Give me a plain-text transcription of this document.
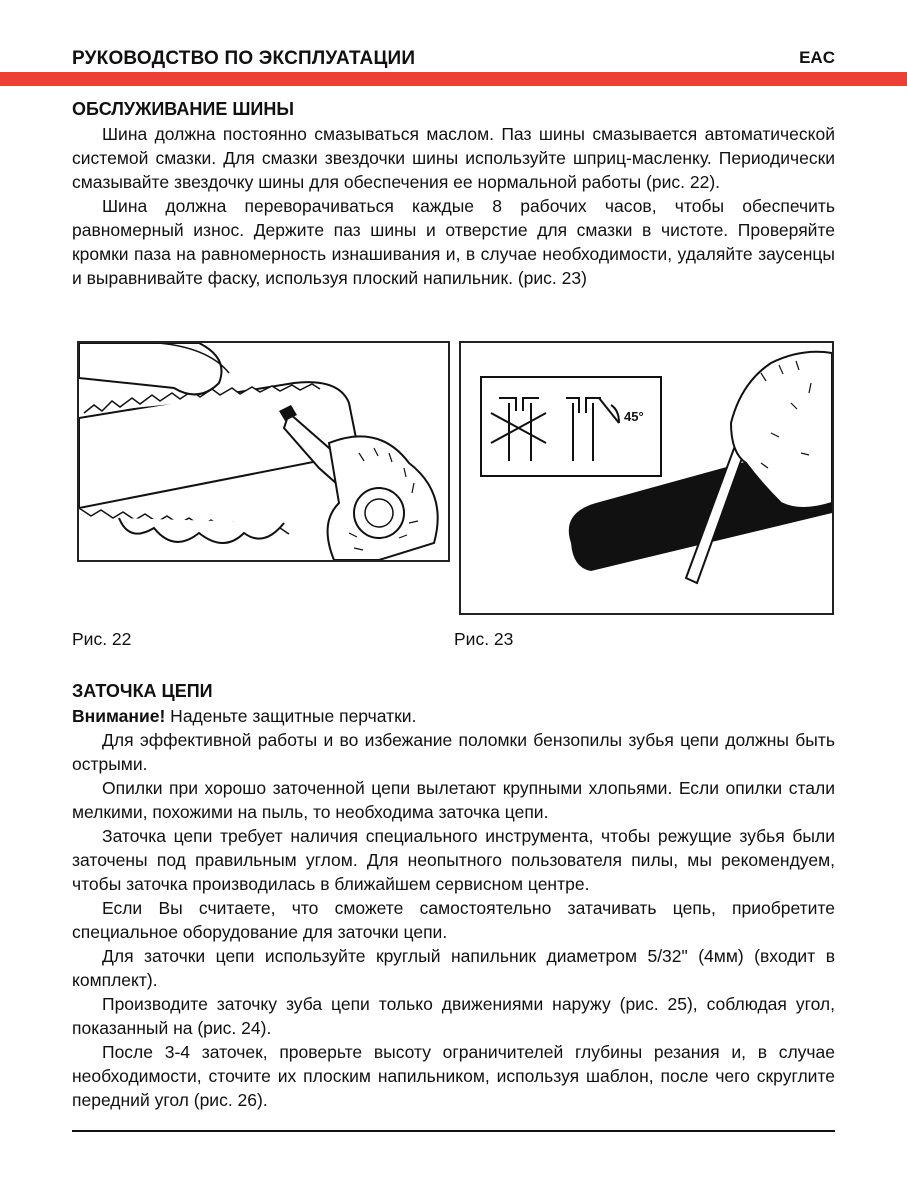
РУКОВОДСТВО ПО ЭКСПЛУАТАЦИИ	EAC
ОБСЛУЖИВАНИЕ ШИНЫ

Шина должна постоянно смазываться маслом. Паз шины смазывается автоматической системой смазки. Для смазки звездочки шины используйте шприц-масленку. Периодически смазывайте звездочку шины для обеспечения ее нормальной работы (рис. 22).

Шина должна переворачиваться каждые 8 рабочих часов, чтобы обеспечить равномерный износ. Держите паз шины и отверстие для смазки в чистоте. Проверяйте кромки паза на равномерность изнашивания и, в случае необходимости, удаляйте заусенцы и выравнивайте фаску, используя плоский напильник. (рис. 23)

45°
Рис. 22	Рис. 23
ЗАТОЧКА ЦЕПИ

Внимание! Наденьте защитные перчатки.

Для эффективной работы и во избежание поломки бензопилы зубья цепи должны быть острыми.

Опилки при хорошо заточенной цепи вылетают крупными хлопьями. Если опилки стали мелкими, похожими на пыль, то необходима заточка цепи.

Заточка цепи требует наличия специального инструмента, чтобы режущие зубья были заточены под правильным углом. Для неопытного пользователя пилы, мы рекомендуем, чтобы заточка производилась в ближайшем сервисном центре.

Если Вы считаете, что сможете самостоятельно затачивать цепь, приобретите специальное оборудование для заточки цепи.

Для заточки цепи используйте круглый напильник диаметром 5/32" (4мм) (входит в комплект).

Производите заточку зуба цепи только движениями наружу (рис. 25), соблюдая угол, показанный на (рис. 24).

После 3-4 заточек, проверьте высоту ограничителей глубины резания и, в случае необходимости, сточите их плоским напильником, используя шаблон, после чего скруглите передний угол (рис. 26).
